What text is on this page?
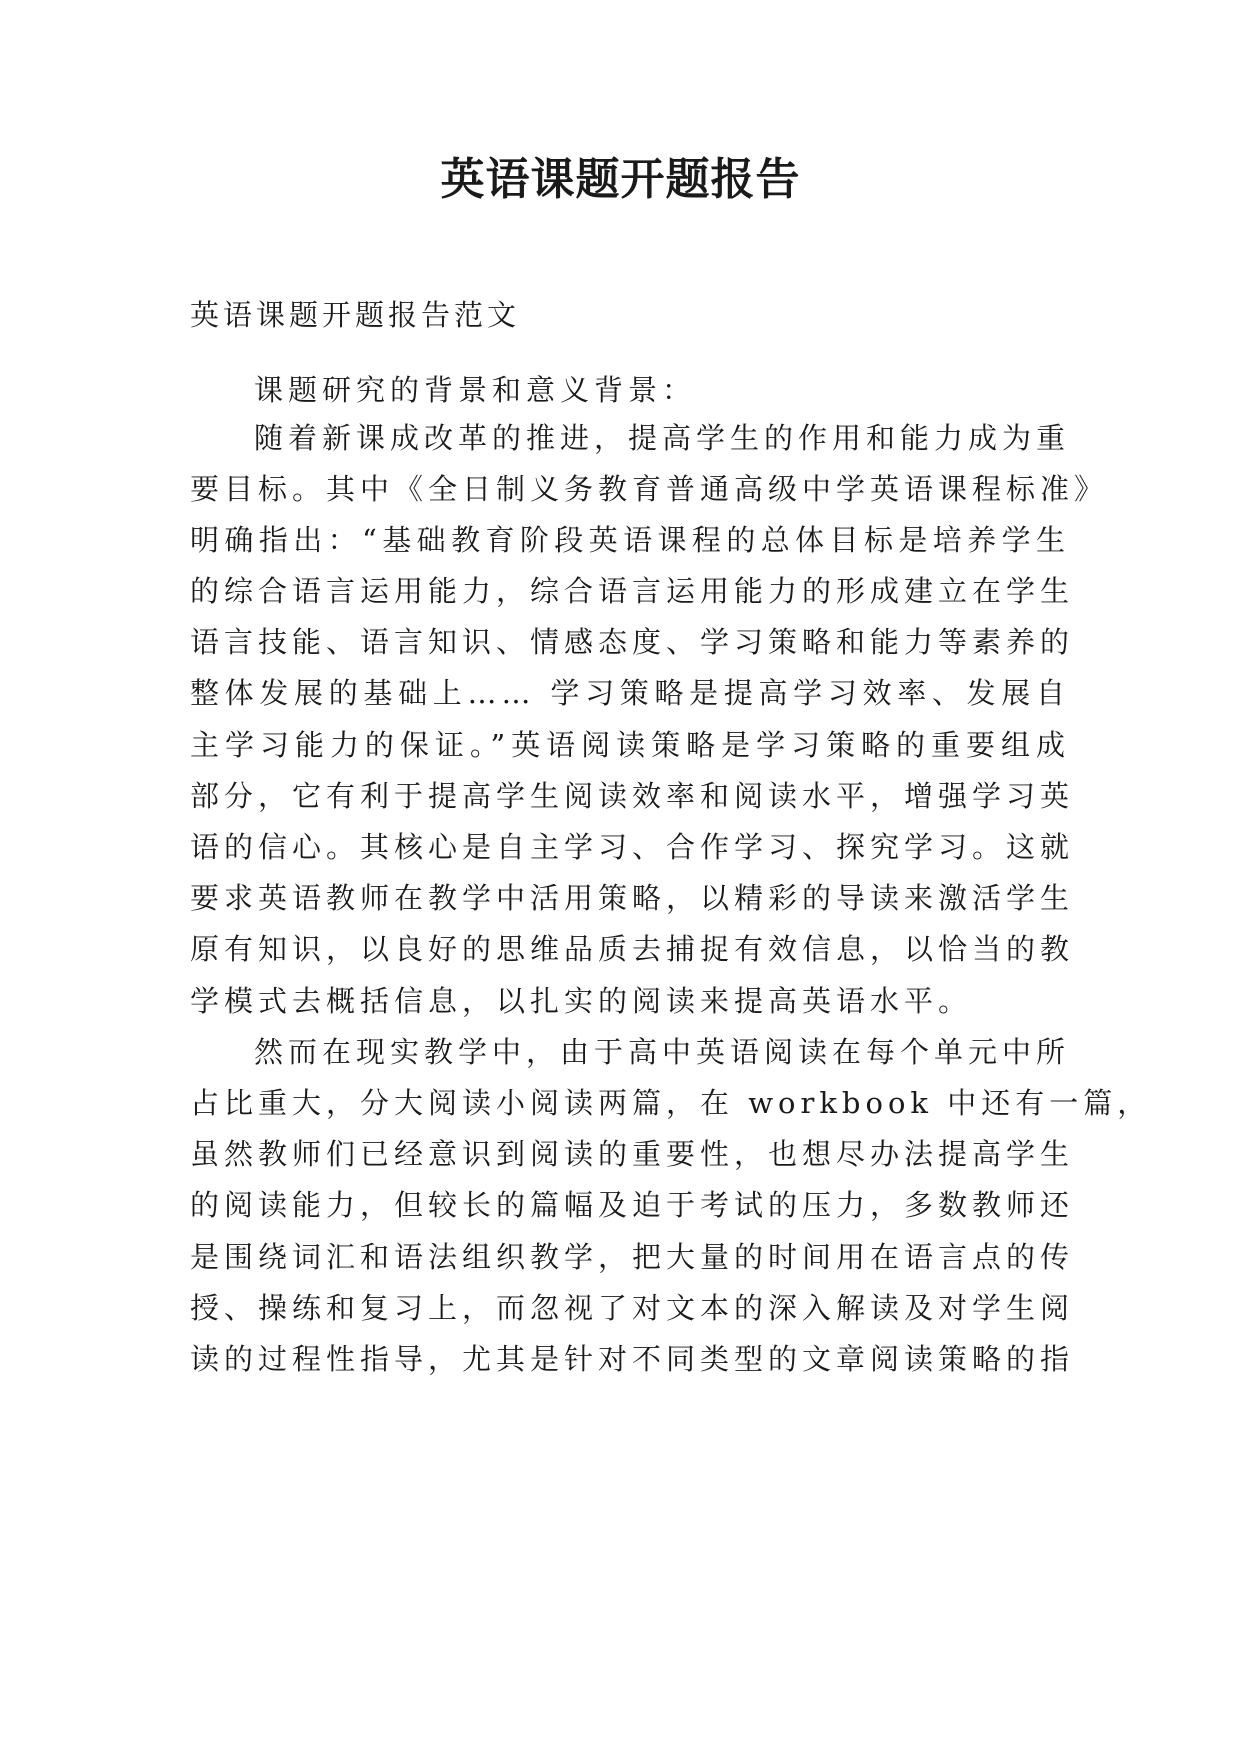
英语课题开题报告
英语课题开题报告范文
课题研究的背景和意义背景：
随着新课成改革的推进，提高学生的作用和能力成为重
要目标。其中《全日制义务教育普通高级中学英语课程标准》
明确指出：“基础教育阶段英语课程的总体目标是培养学生
的综合语言运用能力，综合语言运用能力的形成建立在学生
语言技能、语言知识、情感态度、学习策略和能力等素养的
整体发展的基础上…… 学习策略是提高学习效率、发展自
主学习能力的保证。”英语阅读策略是学习策略的重要组成
部分，它有利于提高学生阅读效率和阅读水平，增强学习英
语的信心。其核心是自主学习、合作学习、探究学习。这就
要求英语教师在教学中活用策略，以精彩的导读来激活学生
原有知识，以良好的思维品质去捕捉有效信息，以恰当的教
学模式去概括信息，以扎实的阅读来提高英语水平。
然而在现实教学中，由于高中英语阅读在每个单元中所
占比重大，分大阅读小阅读两篇，在 workbook 中还有一篇，
虽然教师们已经意识到阅读的重要性，也想尽办法提高学生
的阅读能力，但较长的篇幅及迫于考试的压力，多数教师还
是围绕词汇和语法组织教学，把大量的时间用在语言点的传
授、操练和复习上，而忽视了对文本的深入解读及对学生阅
读的过程性指导，尤其是针对不同类型的文章阅读策略的指
